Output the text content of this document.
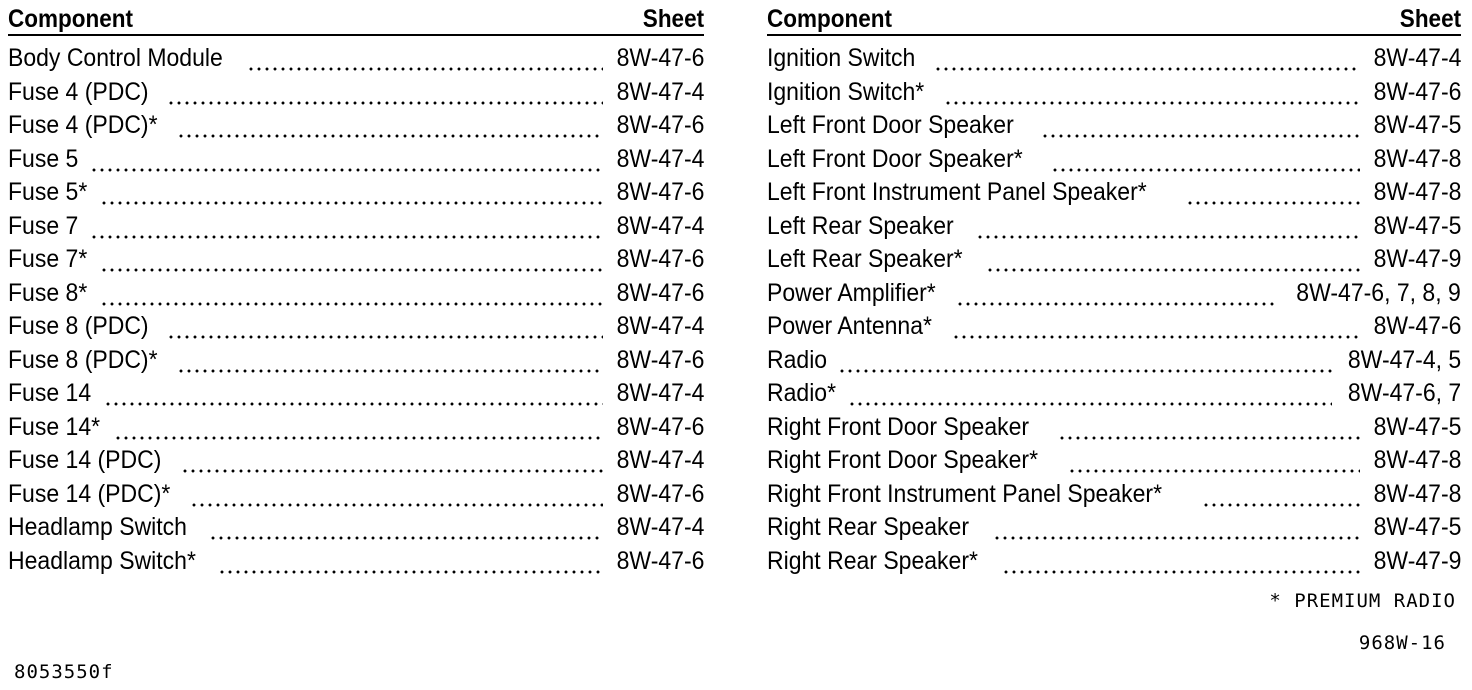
Component	Sheet
Body Control Module	8W-47-6
Fuse 4 (PDC)	8W-47-4
Fuse 4 (PDC)*	8W-47-6
Fuse 5	8W-47-4
Fuse 5*	8W-47-6
Fuse 7	8W-47-4
Fuse 7*	8W-47-6
Fuse 8*	8W-47-6
Fuse 8 (PDC)	8W-47-4
Fuse 8 (PDC)*	8W-47-6
Fuse 14	8W-47-4
Fuse 14*	8W-47-6
Fuse 14 (PDC)	8W-47-4
Fuse 14 (PDC)*	8W-47-6
Headlamp Switch	8W-47-4
Headlamp Switch*	8W-47-6
Component	Sheet
Ignition Switch	8W-47-4
Ignition Switch*	8W-47-6
Left Front Door Speaker	8W-47-5
Left Front Door Speaker*	8W-47-8
Left Front Instrument Panel Speaker*	8W-47-8
Left Rear Speaker	8W-47-5
Left Rear Speaker*	8W-47-9
Power Amplifier*	8W-47-6, 7, 8, 9
Power Antenna*	8W-47-6
Radio	8W-47-4, 5
Radio*	8W-47-6, 7
Right Front Door Speaker	8W-47-5
Right Front Door Speaker*	8W-47-8
Right Front Instrument Panel Speaker*	8W-47-8
Right Rear Speaker	8W-47-5
Right Rear Speaker*	8W-47-9
* PREMIUM RADIO
968W-16
8053550f
